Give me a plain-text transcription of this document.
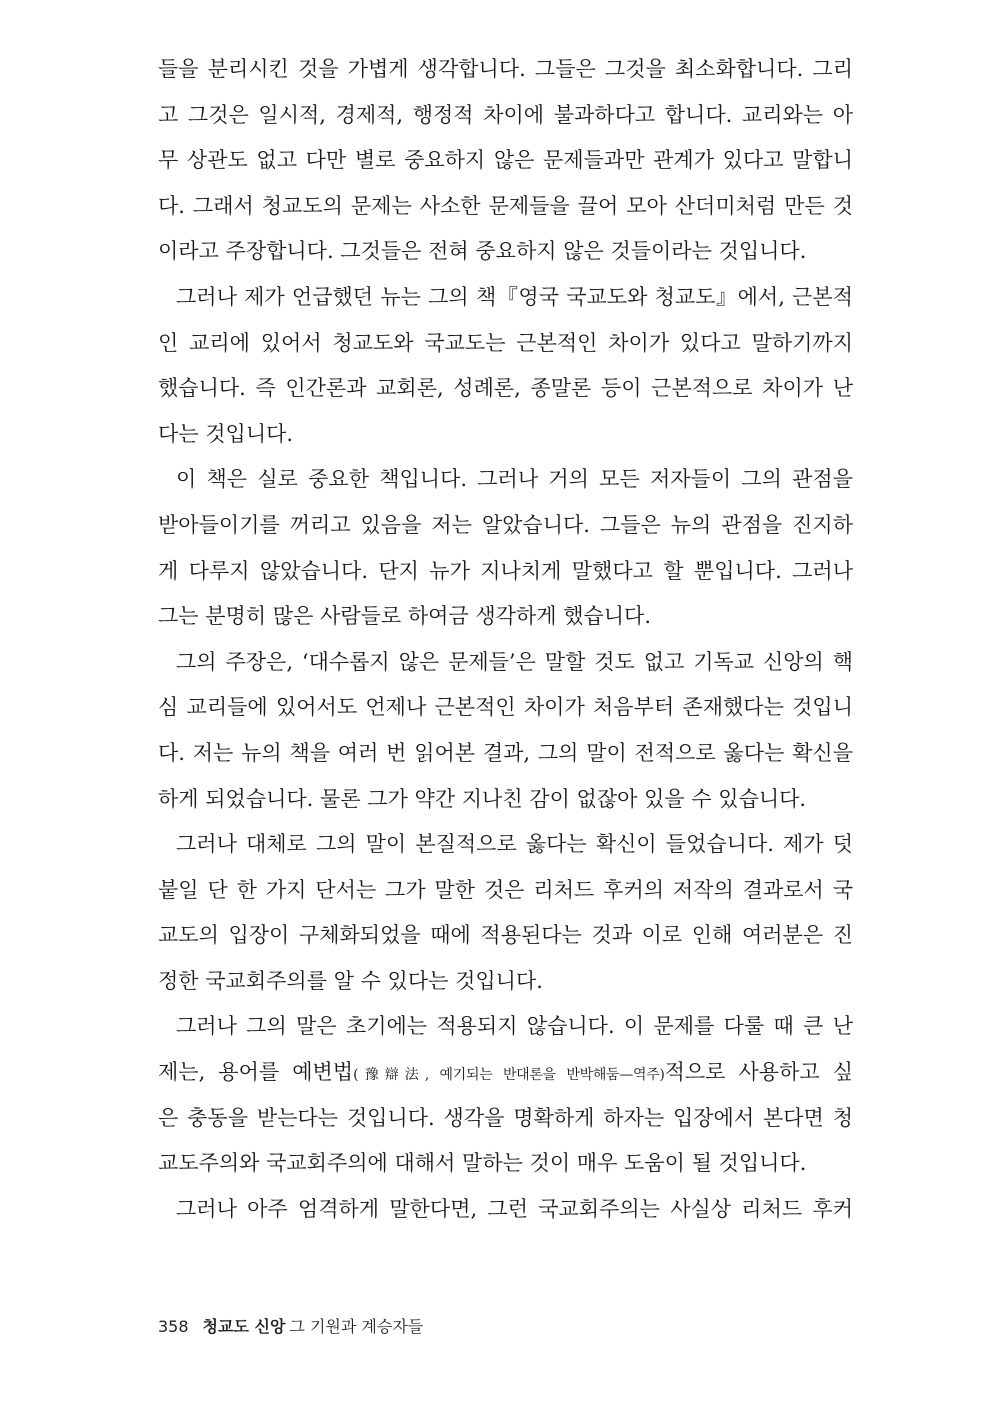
들을 분리시킨 것을 가볍게 생각합니다. 그들은 그것을 최소화합니다. 그리
고 그것은 일시적, 경제적, 행정적 차이에 불과하다고 합니다. 교리와는 아
무 상관도 없고 다만 별로 중요하지 않은 문제들과만 관계가 있다고 말합니
다. 그래서 청교도의 문제는 사소한 문제들을 끌어 모아 산더미처럼 만든 것
이라고 주장합니다. 그것들은 전혀 중요하지 않은 것들이라는 것입니다.

그러나 제가 언급했던 뉴는 그의 책『영국 국교도와 청교도』에서, 근본적
인 교리에 있어서 청교도와 국교도는 근본적인 차이가 있다고 말하기까지
했습니다. 즉 인간론과 교회론, 성례론, 종말론 등이 근본적으로 차이가 난
다는 것입니다.

이 책은 실로 중요한 책입니다. 그러나 거의 모든 저자들이 그의 관점을
받아들이기를 꺼리고 있음을 저는 알았습니다. 그들은 뉴의 관점을 진지하
게 다루지 않았습니다. 단지 뉴가 지나치게 말했다고 할 뿐입니다. 그러나
그는 분명히 많은 사람들로 하여금 생각하게 했습니다.

그의 주장은, ‘대수롭지 않은 문제들’은 말할 것도 없고 기독교 신앙의 핵
심 교리들에 있어서도 언제나 근본적인 차이가 처음부터 존재했다는 것입니
다. 저는 뉴의 책을 여러 번 읽어본 결과, 그의 말이 전적으로 옳다는 확신을
하게 되었습니다. 물론 그가 약간 지나친 감이 없잖아 있을 수 있습니다.

그러나 대체로 그의 말이 본질적으로 옳다는 확신이 들었습니다. 제가 덧
붙일 단 한 가지 단서는 그가 말한 것은 리처드 후커의 저작의 결과로서 국
교도의 입장이 구체화되었을 때에 적용된다는 것과 이로 인해 여러분은 진
정한 국교회주의를 알 수 있다는 것입니다.

그러나 그의 말은 초기에는 적용되지 않습니다. 이 문제를 다룰 때 큰 난
제는, 용어를 예변법(豫辯法, 예기되는 반대론을 반박해둠—역주)적으로 사용하고 싶
은 충동을 받는다는 것입니다. 생각을 명확하게 하자는 입장에서 본다면 청
교도주의와 국교회주의에 대해서 말하는 것이 매우 도움이 될 것입니다.

그러나 아주 엄격하게 말한다면, 그런 국교회주의는 사실상 리처드 후커

358 청교도 신앙 그 기원과 계승자들
